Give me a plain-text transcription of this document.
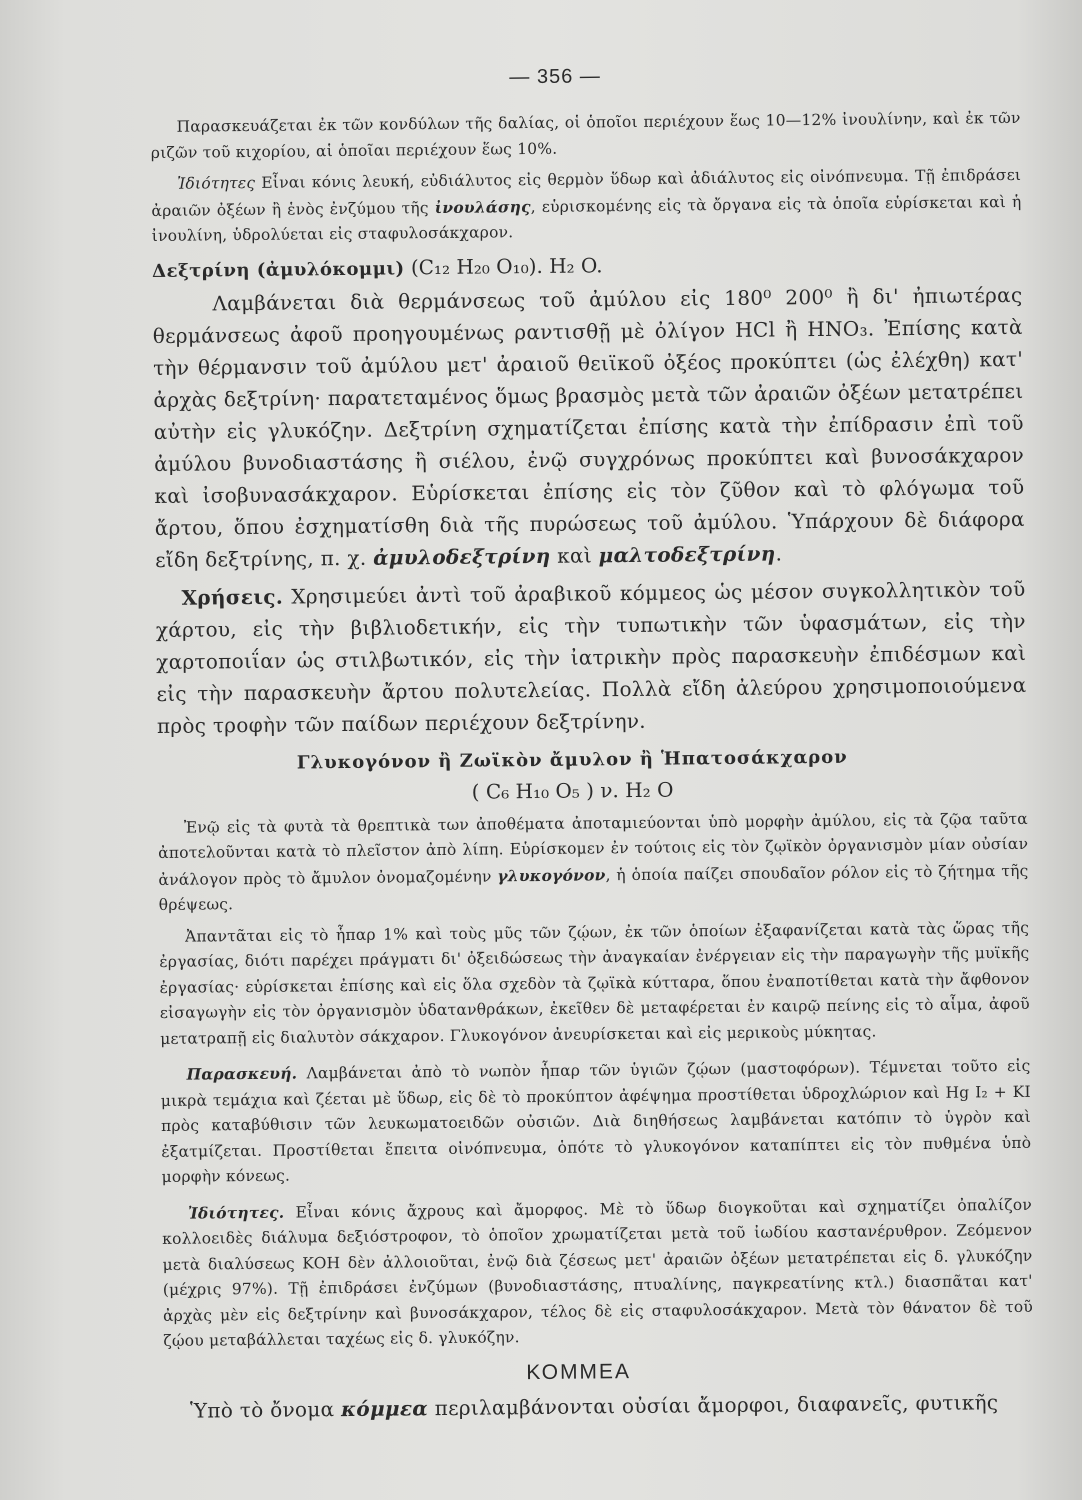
— 356 —

Παρασκευάζεται ἐκ τῶν κονδύλων τῆς δαλίας, οἱ ὁποῖοι περιέχουν ἕως 10—12% ἰνουλίνην, καὶ ἐκ τῶν ριζῶν τοῦ κιχορίου, αἱ ὁποῖαι περιέχουν ἕως 10%.

Ἰδιότητες Εἶναι κόνις λευκή, εὐδιάλυτος εἰς θερμὸν ὕδωρ καὶ ἀδιάλυτος εἰς οἰνόπνευμα. Τῇ ἐπιδράσει ἀραιῶν ὀξέων ἢ ἑνὸς ἐνζύμου τῆς ἰνουλάσης, εὑρισκομένης εἰς τὰ ὄργανα εἰς τὰ ὁποῖα εὑρίσκεται καὶ ἡ ἰνουλίνη, ὑδρολύεται εἰς σταφυλοσάκχαρον.

Δεξτρίνη (ἀμυλόκομμι) (C₁₂ H₂₀ O₁₀). H₂ O.

Λαμβάνεται διὰ θερμάνσεως τοῦ ἀμύλου εἰς 180⁰ 200⁰ ἢ δι' ἠπιωτέρας θερμάνσεως ἀφοῦ προηγουμένως ραντισθῇ μὲ ὀλίγον HCl ἢ HNO₃. Ἐπίσης κατὰ τὴν θέρμανσιν τοῦ ἀμύλου μετ' ἀραιοῦ θειϊκοῦ ὀξέος προκύπτει (ὡς ἐλέχθη) κατ' ἀρχὰς δεξτρίνη· παρατεταμένος ὅμως βρασμὸς μετὰ τῶν ἀραιῶν ὀξέων μετατρέπει αὐτὴν εἰς γλυκόζην. Δεξτρίνη σχηματίζεται ἐπίσης κατὰ τὴν ἐπίδρασιν ἐπὶ τοῦ ἀμύλου βυνοδιαστάσης ἢ σιέλου, ἐνῷ συγχρόνως προκύπτει καὶ βυνοσάκχαρον καὶ ἰσοβυνασάκχαρον. Εὑρίσκεται ἐπίσης εἰς τὸν ζῦθον καὶ τὸ φλόγωμα τοῦ ἄρτου, ὅπου ἐσχηματίσθη διὰ τῆς πυρώσεως τοῦ ἀμύλου. Ὑπάρχουν δὲ διάφορα εἴδη δεξτρίνης, π. χ. ἀμυλοδεξτρίνη καὶ μαλτοδεξτρίνη.

Χρήσεις. Χρησιμεύει ἀντὶ τοῦ ἀραβικοῦ κόμμεος ὡς μέσον συγκολλητικὸν τοῦ χάρτου, εἰς τὴν βιβλιοδετικήν, εἰς τὴν τυπωτικὴν τῶν ὑφασμάτων, εἰς τὴν χαρτοποιΐαν ὡς στιλβωτικόν, εἰς τὴν ἰατρικὴν πρὸς παρασκευὴν ἐπιδέσμων καὶ εἰς τὴν παρασκευὴν ἄρτου πολυτελείας. Πολλὰ εἴδη ἀλεύρου χρησιμοποιούμενα πρὸς τροφὴν τῶν παίδων περιέχουν δεξτρίνην.

Γλυκογόνον ἢ Ζωϊκὸν ἄμυλον ἢ Ἡπατοσάκχαρον
( C₆ H₁₀ O₅ ) ν. H₂ O

Ἐνῷ εἰς τὰ φυτὰ τὰ θρεπτικὰ των ἀποθέματα ἀποταμιεύονται ὑπὸ μορφὴν ἀμύλου, εἰς τὰ ζῷα ταῦτα ἀποτελοῦνται κατὰ τὸ πλεῖστον ἀπὸ λίπη. Εὑρίσκομεν ἐν τούτοις εἰς τὸν ζῳϊκὸν ὀργανισμὸν μίαν οὐσίαν ἀνάλογον πρὸς τὸ ἄμυλον ὀνομαζομένην γλυκογόνον, ἡ ὁποία παίζει σπουδαῖον ρόλον εἰς τὸ ζήτημα τῆς θρέψεως.

Ἀπαντᾶται εἰς τὸ ἧπαρ 1% καὶ τοὺς μῦς τῶν ζῴων, ἐκ τῶν ὁποίων ἐξαφανίζεται κατὰ τὰς ὥρας τῆς ἐργασίας, διότι παρέχει πράγματι δι' ὀξειδώσεως τὴν ἀναγκαίαν ἐνέργειαν εἰς τὴν παραγωγὴν τῆς μυϊκῆς ἐργασίας· εὑρίσκεται ἐπίσης καὶ εἰς ὅλα σχεδὸν τὰ ζῳϊκὰ κύτταρα, ὅπου ἐναποτίθεται κατὰ τὴν ἄφθονον εἰσαγωγὴν εἰς τὸν ὀργανισμὸν ὑδατανθράκων, ἐκεῖθεν δὲ μεταφέρεται ἐν καιρῷ πείνης εἰς τὸ αἷμα, ἀφοῦ μετατραπῇ εἰς διαλυτὸν σάκχαρον. Γλυκογόνον ἀνευρίσκεται καὶ εἰς μερικοὺς μύκητας.

Παρασκευή. Λαμβάνεται ἀπὸ τὸ νωπὸν ἧπαρ τῶν ὑγιῶν ζῴων (μαστοφόρων). Τέμνεται τοῦτο εἰς μικρὰ τεμάχια καὶ ζέεται μὲ ὕδωρ, εἰς δὲ τὸ προκύπτον ἀφέψημα προστίθεται ὑδροχλώριον καὶ Hg I₂ + KI πρὸς καταβύθισιν τῶν λευκωματοειδῶν οὐσιῶν. Διὰ διηθήσεως λαμβάνεται κατόπιν τὸ ὑγρὸν καὶ ἐξατμίζεται. Προστίθεται ἔπειτα οἰνόπνευμα, ὁπότε τὸ γλυκογόνον καταπίπτει εἰς τὸν πυθμένα ὑπὸ μορφὴν κόνεως.

Ἰδιότητες. Εἶναι κόνις ἄχρους καὶ ἄμορφος. Μὲ τὸ ὕδωρ διογκοῦται καὶ σχηματίζει ὀπαλίζον κολλοειδὲς διάλυμα δεξιόστροφον, τὸ ὁποῖον χρωματίζεται μετὰ τοῦ ἰωδίου καστανέρυθρον. Ζεόμενον μετὰ διαλύσεως KOH δὲν ἀλλοιοῦται, ἐνῷ διὰ ζέσεως μετ' ἀραιῶν ὀξέων μετατρέπεται εἰς δ. γλυκόζην (μέχρις 97%). Τῇ ἐπιδράσει ἐνζύμων (βυνοδιαστάσης, πτυαλίνης, παγκρεατίνης κτλ.) διασπᾶται κατ' ἀρχὰς μὲν εἰς δεξτρίνην καὶ βυνοσάκχαρον, τέλος δὲ εἰς σταφυλοσάκχαρον. Μετὰ τὸν θάνατον δὲ τοῦ ζῴου μεταβάλλεται ταχέως εἰς δ. γλυκόζην.

ΚΟΜΜΕΑ

Ὑπὸ τὸ ὄνομα κόμμεα περιλαμβάνονται οὐσίαι ἄμορφοι, διαφανεῖς, φυτικῆς
